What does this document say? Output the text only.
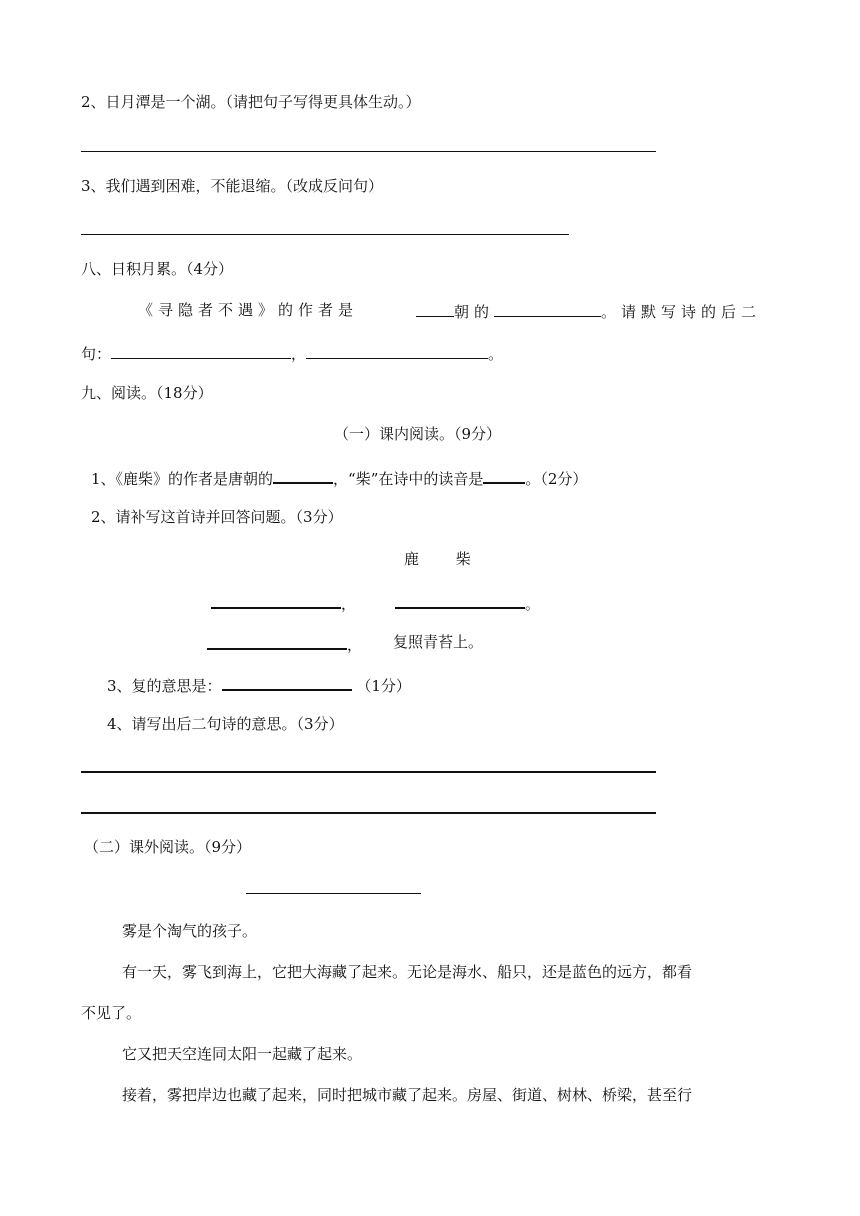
2、日月潭是一个湖。（请把句子写得更具体生动。）
3、我们遇到困难，不能退缩。（改成反问句）
八、日积月累。（4分）
《寻隐者不遇》的作者是	朝的	。请默写诗的后二
句：	，	。
九、阅读。（18分）
（一）课内阅读。（9分）
1、《鹿柴》的作者是唐朝的	，“柴”在诗中的读音是	。（2分）
2、请补写这首诗并回答问题。（3分）
鹿 柴
，	。
， 复照青苔上。
3、复的意思是：	（1分）
4、请写出后二句诗的意思。（3分）
（二）课外阅读。（9分）
雾是个淘气的孩子。
有一天，雾飞到海上，它把大海藏了起来。无论是海水、船只，还是蓝色的远方，都看
不见了。
它又把天空连同太阳一起藏了起来。
接着，雾把岸边也藏了起来，同时把城市藏了起来。房屋、街道、树林、桥梁，甚至行
